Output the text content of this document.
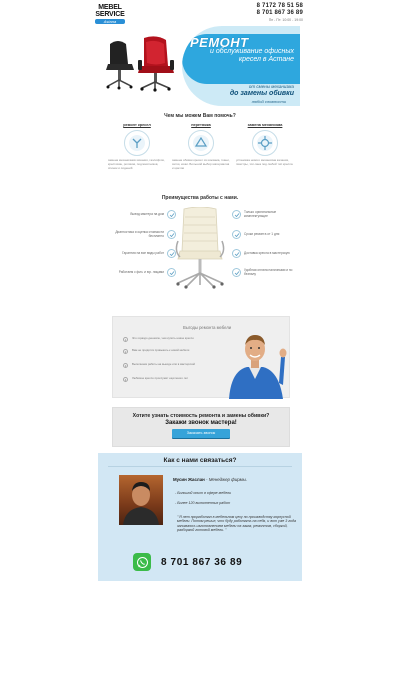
MEBEL
SERVICE
Astana
8 7172 78 51 58
8 701 867 36 89
Пн - Пт: 10:00 - 19:00
РЕМОНТ
и обслуживание офисных кресел в Астане
от смены механизма
до замены обивки
любой сложности
Чем мы можем Вам помочь?
ремонт кресел
замена механизмов качания, газлифтов, крестовин, роликов, подлокотников, спинок и сидений
перетяжка
замена обивки кресел из кожзама, ткани, сетки, кожи. Большой выбор материалов и цветов
замена механизма
установка нового механизма качания, пиастры, топ-гана под любой тип кресла
Преимущества работы с нами.
Выезд мастера на дом
Диагностика и оценка стоимости бесплатно
Гарантия на все виды работ
Работаем с физ. и юр. лицами
Только оригинальные комплектующие
Сроки ремонта от 1 дня
Доставка кресла в мастерскую
Удобная оплата наличными и по безналу
Выгоды ремонта мебели
1	Это гораздо дешевле, чем купить новое кресло
2	Вам не придётся привыкать к новой мебели
3	Выполняем работы на выезде или в мастерской
4	Любимое кресло прослужит ещё много лет
Хотите узнать стоимость ремонта и замены обивки?
Закажи звонок мастера!
Заказать звонок
Как с нами связаться?
Мусин Жаслан - Менеджер фирмы.
- Большой опыт в сфере мебели
- Более 120 выполненных работ
" Я лет проработал в мебельном цеху по производству корпусной мебели. Потом решил, что буду работать на себя, и вот уже 3 года занимаюсь изготовлением мебели на заказ, ремонтом, сборкой, разборкой готовой мебели. "
8 701 867 36 89
